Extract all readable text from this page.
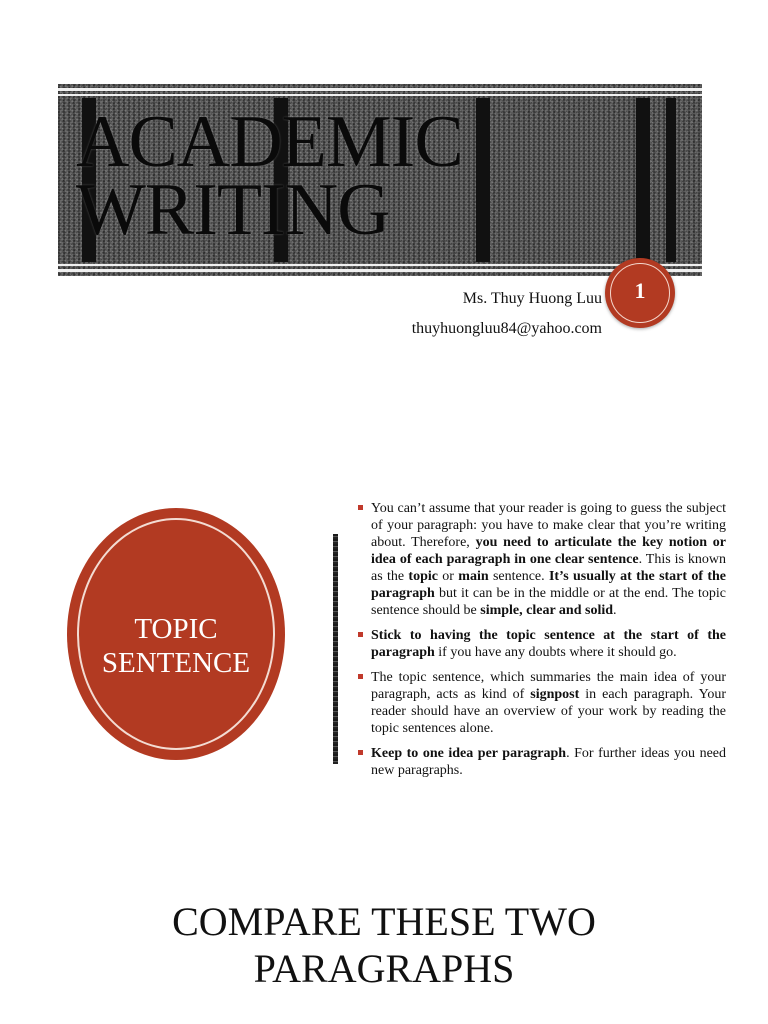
ACADEMIC
WRITING
1
Ms. Thuy Huong Luu
thuyhuongluu84@yahoo.com
TOPIC
SENTENCE
You can’t assume that your reader is going to guess the subject of your paragraph: you have to make clear that you’re writing about. Therefore, you need to articulate the key notion or idea of each paragraph in one clear sentence. This is known as the topic or main sentence. It’s usually at the start of the paragraph but it can be in the middle or at the end. The topic sentence should be simple, clear and solid.
Stick to having the topic sentence at the start of the paragraph if you have any doubts where it should go.
The topic sentence, which summaries the main idea of your paragraph, acts as kind of signpost in each paragraph. Your reader should have an overview of your work by reading the topic sentences alone.
Keep to one idea per paragraph. For further ideas you need new paragraphs.
COMPARE THESE TWO
PARAGRAPHS
